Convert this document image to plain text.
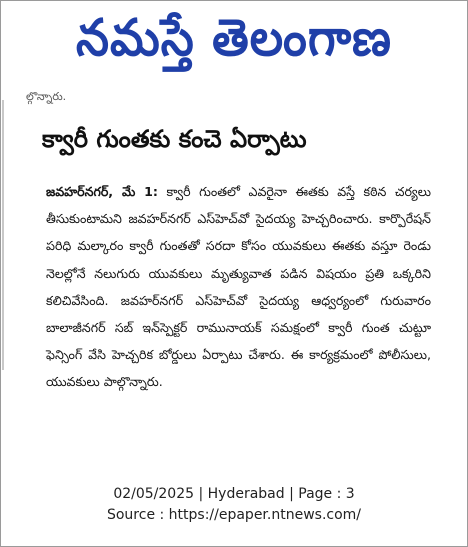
నమస్తే తెలంగాణ
ల్గొన్నారు.
క్వారీ గుంతకు కంచె ఏర్పాటు
జవహర్‌నగర్, మే 1: క్వారీ గుంతలో ఎవరైనా ఈతకు వస్తే కఠిన చర్యలు తీసుకుంటామని జవహర్‌నగర్ ఎస్‌హెచ్‌వో సైదయ్య హెచ్చరించారు. కార్పొరేషన్ పరిధి మల్కారం క్వారీ గుంతతో సరదా కోసం యువకులు ఈతకు వస్తూ రెండు నెలల్లోనే నలుగురు యువకులు మృత్యువాత పడిన విషయం ప్రతి ఒక్కరిని కలిచివేసింది. జవహర్‌నగర్ ఎస్‌హెచ్‌వో సైదయ్య ఆధ్వర్యంలో గురువారం బాలాజీనగర్ సబ్ ఇన్‌స్పెక్టర్ రామునాయక్ సమక్షంలో క్వారీ గుంత చుట్టూ ఫెన్సింగ్ వేసి హెచ్చరిక బోర్డులు ఏర్పాటు చేశారు. ఈ కార్యక్రమంలో పోలీసులు, యువకులు పాల్గొన్నారు.
02/05/2025 | Hyderabad | Page : 3
Source : https://epaper.ntnews.com/
